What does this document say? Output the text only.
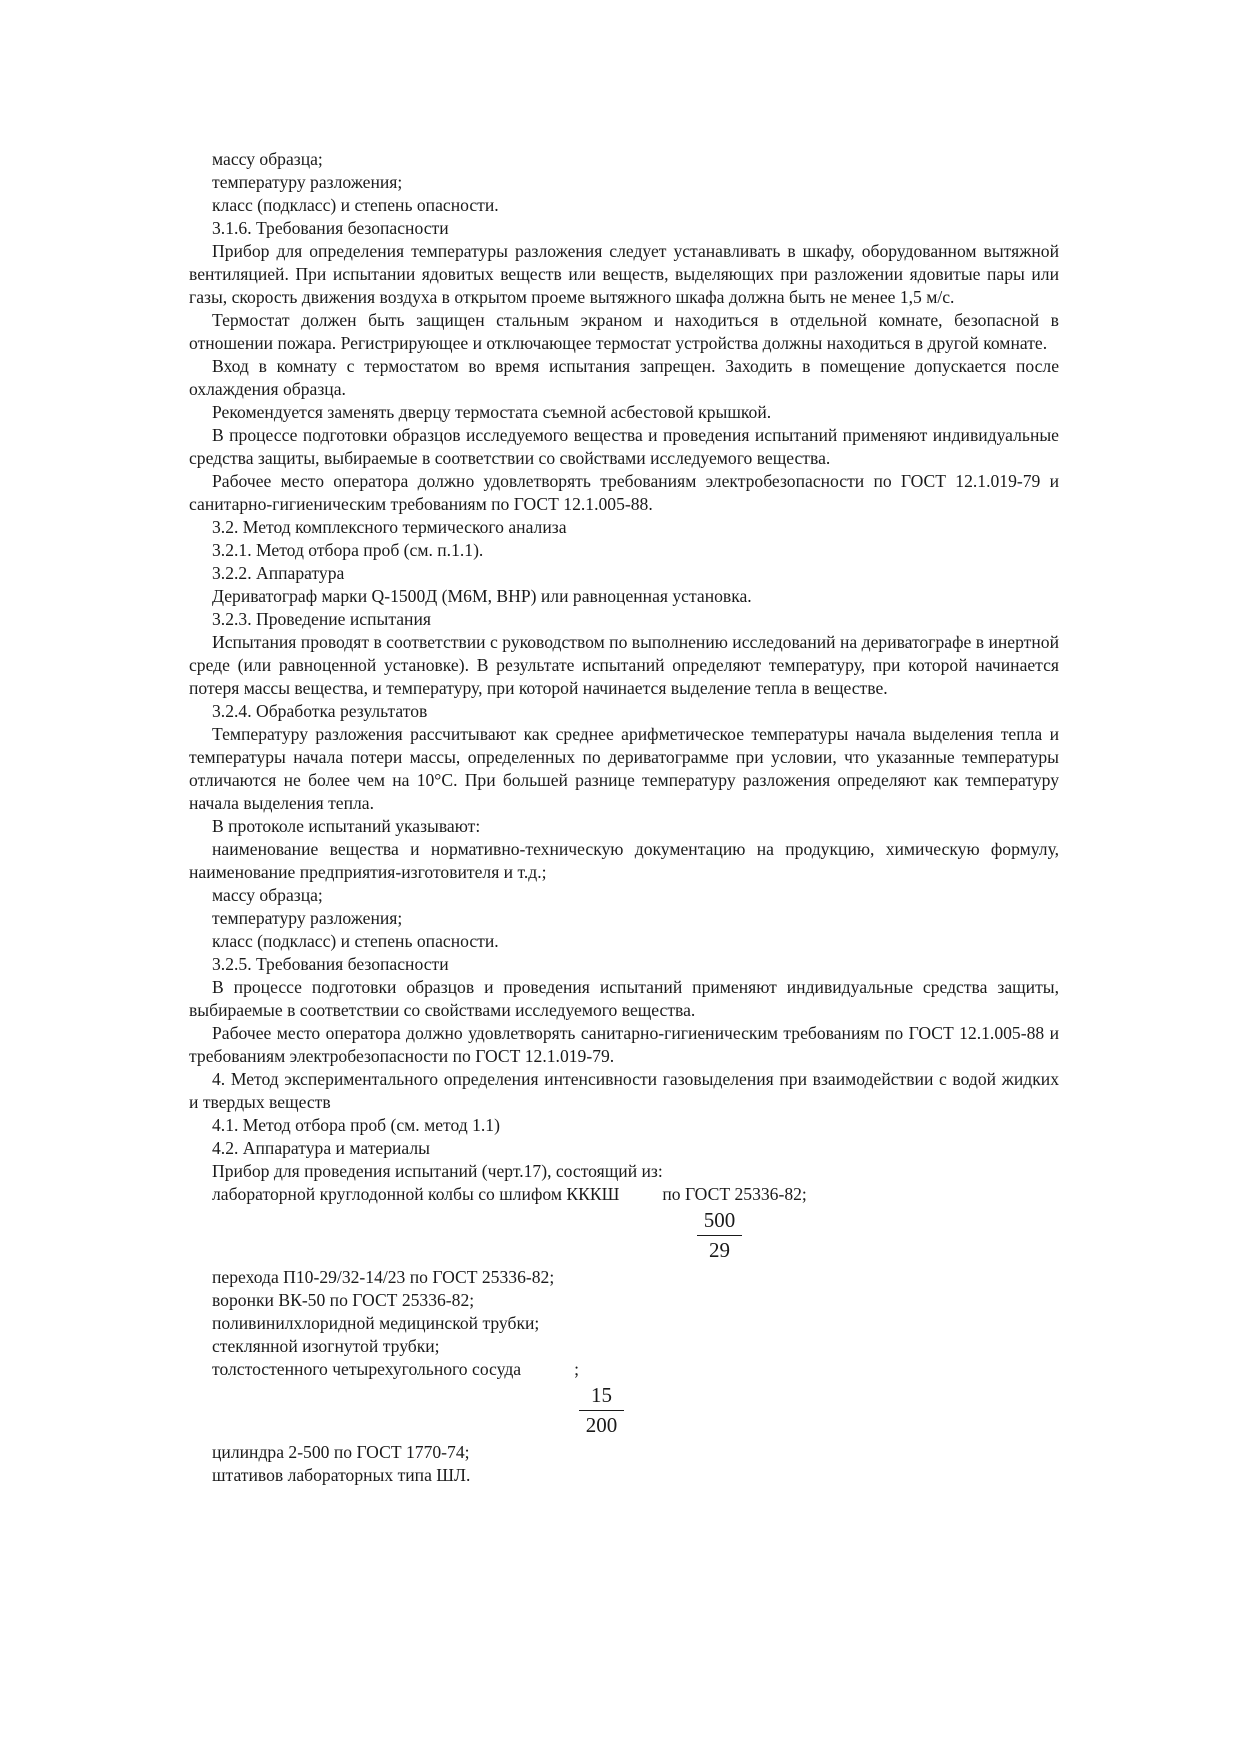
массу образца;

температуру разложения;

класс (подкласс) и степень опасности.

3.1.6. Требования безопасности

Прибор для определения температуры разложения следует устанавливать в шкафу, оборудованном вытяжной вентиляцией. При испытании ядовитых веществ или веществ, выделяющих при разложении ядовитые пары или газы, скорость движения воздуха в открытом проеме вытяжного шкафа должна быть не менее 1,5 м/с.

Термостат должен быть защищен стальным экраном и находиться в отдельной комнате, безопасной в отношении пожара. Регистрирующее и отключающее термостат устройства должны находиться в другой комнате.

Вход в комнату с термостатом во время испытания запрещен. Заходить в помещение допускается после охлаждения образца.

Рекомендуется заменять дверцу термостата съемной асбестовой крышкой.

В процессе подготовки образцов исследуемого вещества и проведения испытаний применяют индивидуальные средства защиты, выбираемые в соответствии со свойствами исследуемого вещества.

Рабочее место оператора должно удовлетворять требованиям электробезопасности по ГОСТ 12.1.019-79 и санитарно-гигиеническим требованиям по ГОСТ 12.1.005-88.

3.2. Метод комплексного термического анализа

3.2.1. Метод отбора проб (см. п.1.1).

3.2.2. Аппаратура

Дериватограф марки Q-1500Д (М6М, ВНР) или равноценная установка.

3.2.3. Проведение испытания

Испытания проводят в соответствии с руководством по выполнению исследований на дериватографе в инертной среде (или равноценной установке). В результате испытаний определяют температуру, при которой начинается потеря массы вещества, и температуру, при которой начинается выделение тепла в веществе.

3.2.4. Обработка результатов

Температуру разложения рассчитывают как среднее арифметическое температуры начала выделения тепла и температуры начала потери массы, определенных по дериватограмме при условии, что указанные температуры отличаются не более чем на 10°С. При большей разнице температуру разложения определяют как температуру начала выделения тепла.

В протоколе испытаний указывают:

наименование вещества и нормативно-техническую документацию на продукцию, химическую формулу, наименование предприятия-изготовителя и т.д.;

массу образца;

температуру разложения;

класс (подкласс) и степень опасности.

3.2.5. Требования безопасности

В процессе подготовки образцов и проведения испытаний применяют индивидуальные средства защиты, выбираемые в соответствии со свойствами исследуемого вещества.

Рабочее место оператора должно удовлетворять санитарно-гигиеническим требованиям по ГОСТ 12.1.005-88 и требованиям электробезопасности по ГОСТ 12.1.019-79.

4. Метод экспериментального определения интенсивности газовыделения при взаимодействии с водой жидких и твердых веществ

4.1. Метод отбора проб (см. метод 1.1)

4.2. Аппаратура и материалы

Прибор для проведения испытаний (черт.17), состоящий из:

лабораторной круглодонной колбы со шлифом КККШ по ГОСТ 25336-82;

$\frac{500}{29}$

перехода П10-29/32-14/23 по ГОСТ 25336-82;

воронки ВК-50 по ГОСТ 25336-82;

поливинилхлоридной медицинской трубки;

стеклянной изогнутой трубки;

толстостенного четырехугольного сосуда	;

$\frac{15}{200}$

цилиндра 2-500 по ГОСТ 1770-74;

штативов лабораторных типа ШЛ.
